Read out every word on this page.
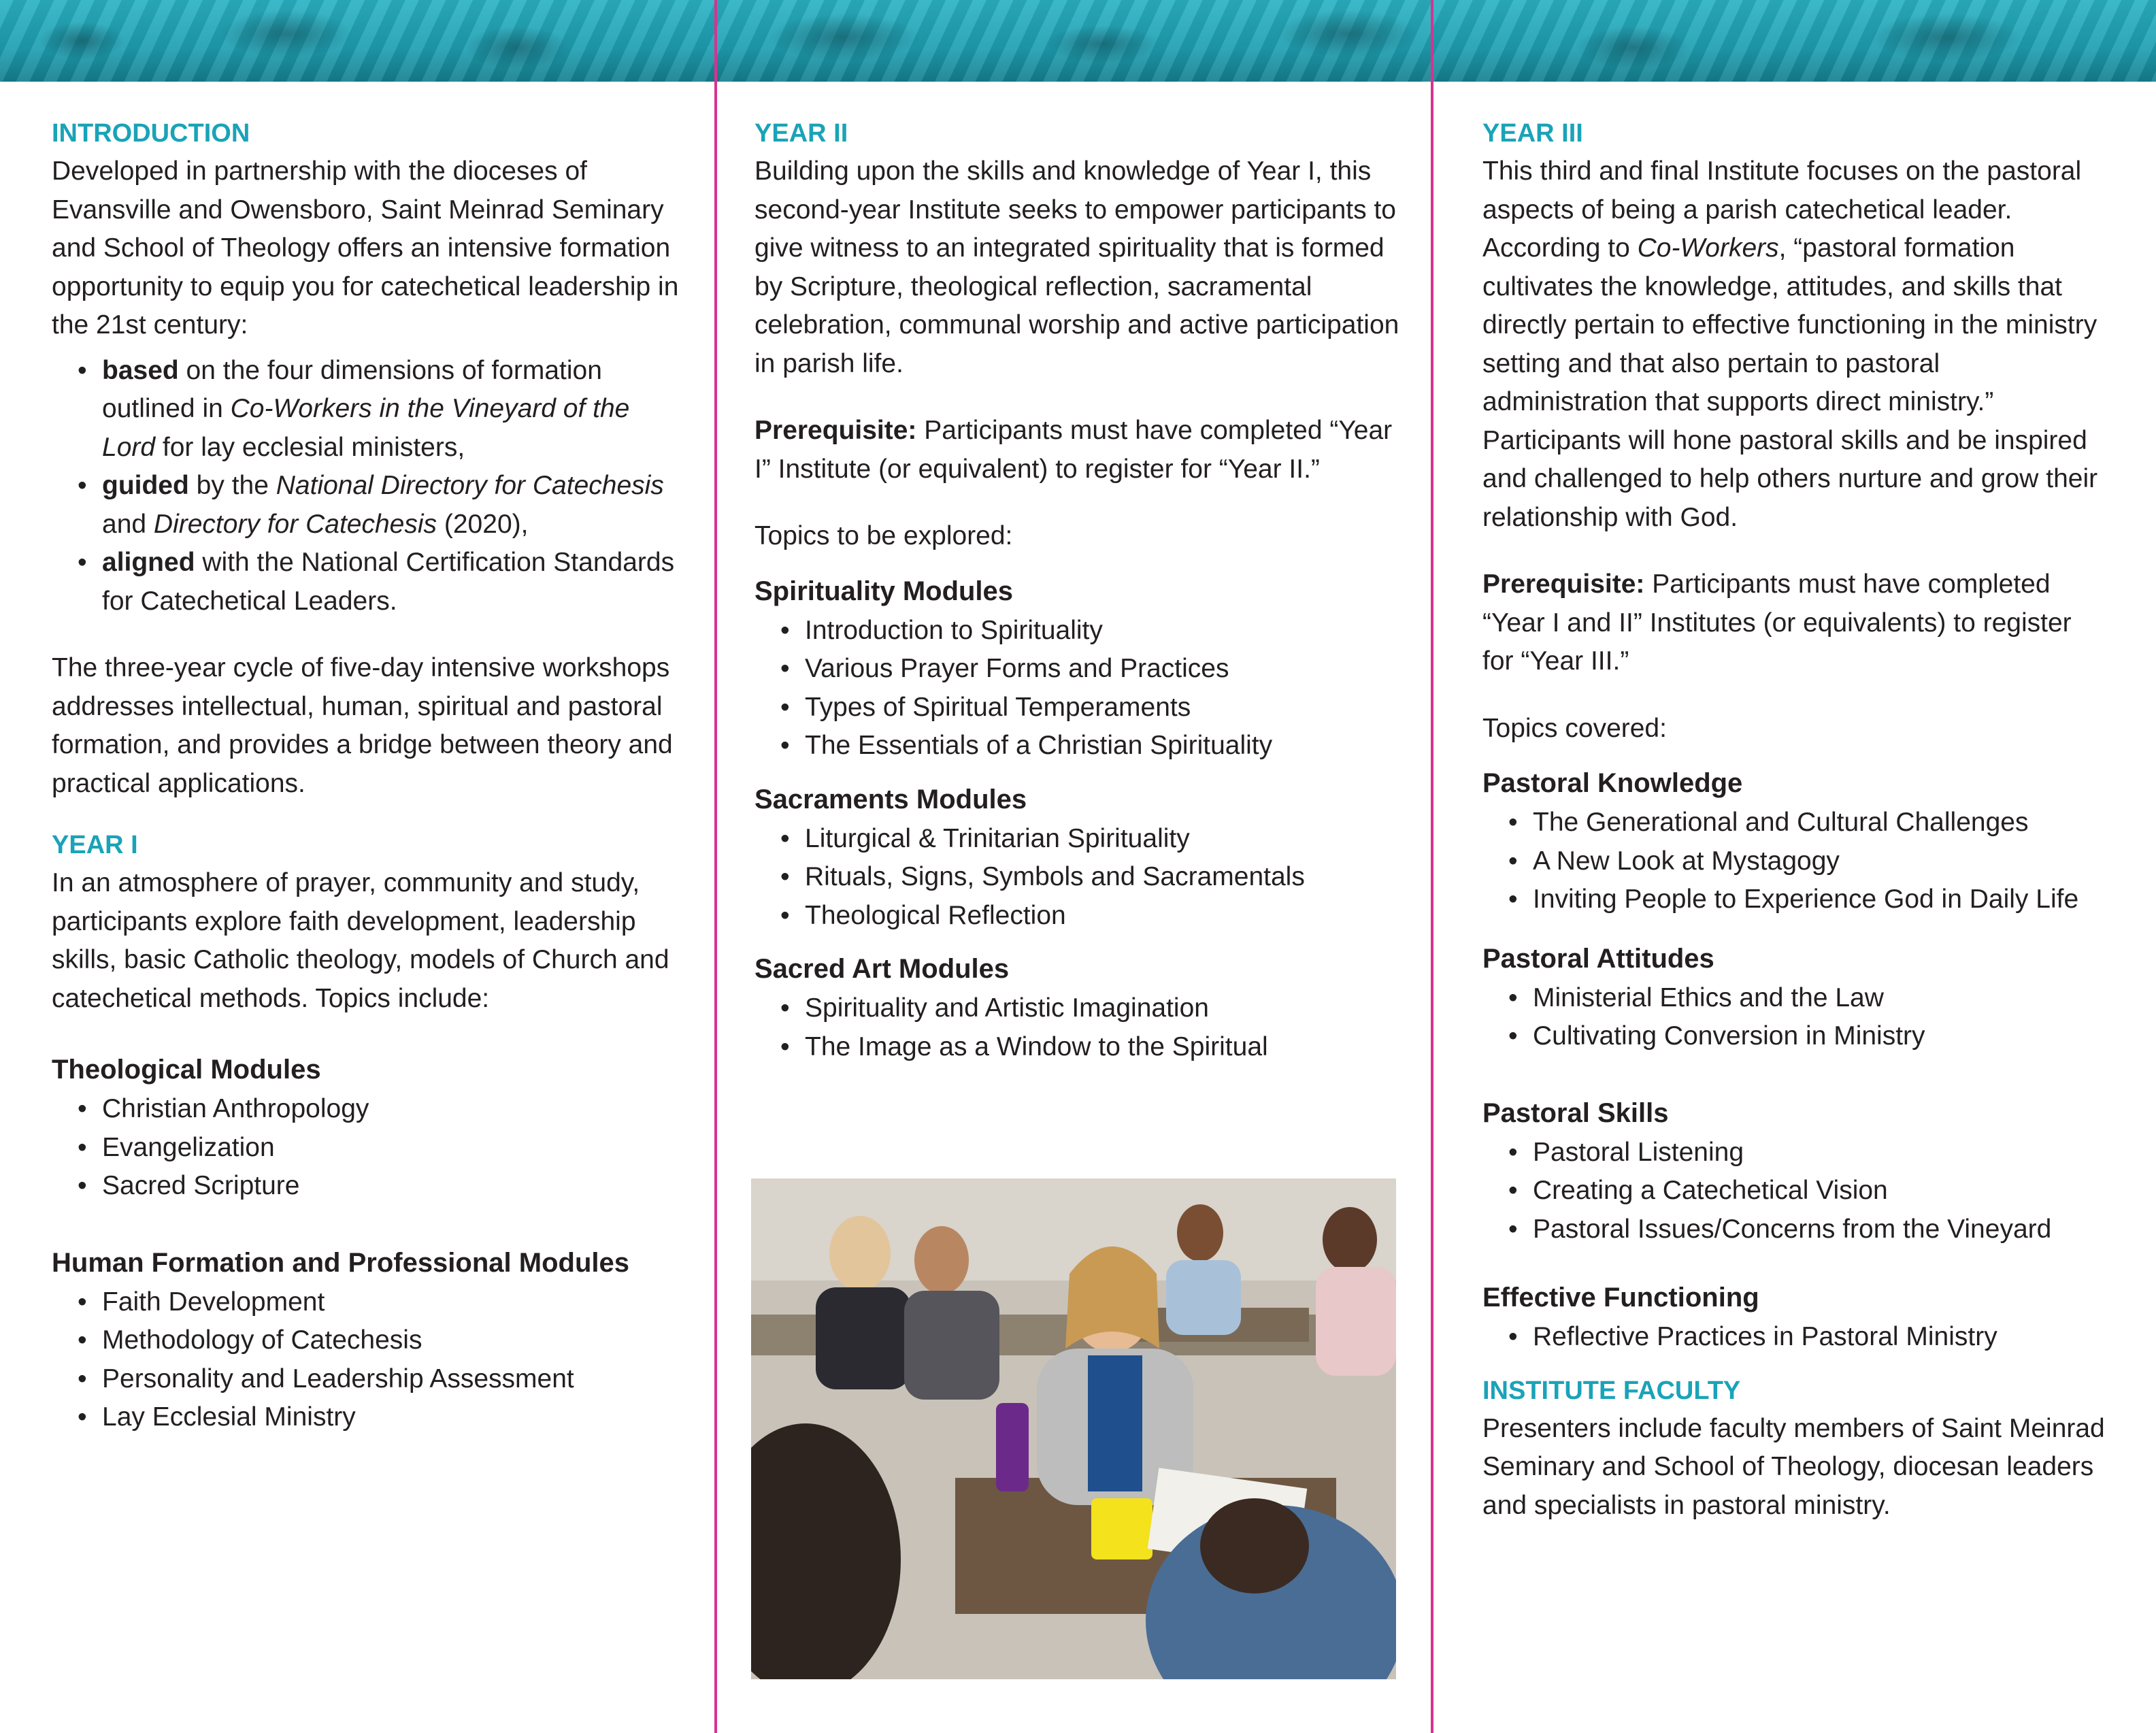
INTRODUCTION

Developed in partnership with the dioceses of Evansville and Owensboro, Saint Meinrad Seminary and School of Theology offers an intensive formation opportunity to equip you for catechetical leadership in the 21st century:

• based on the four dimensions of formation outlined in Co-Workers in the Vineyard of the Lord for lay ecclesial ministers,
• guided by the National Directory for Catechesis and Directory for Catechesis (2020),
• aligned with the National Certification Standards for Catechetical Leaders.

The three-year cycle of five-day intensive workshops addresses intellectual, human, spiritual and pastoral formation, and provides a bridge between theory and practical applications.

YEAR I

In an atmosphere of prayer, community and study, participants explore faith development, leadership skills, basic Catholic theology, models of Church and catechetical methods. Topics include:

Theological Modules
• Christian Anthropology
• Evangelization
• Sacred Scripture
Human Formation and Professional Modules
• Faith Development
• Methodology of Catechesis
• Personality and Leadership Assessment
• Lay Ecclesial Ministry
YEAR II

Building upon the skills and knowledge of Year I, this second-year Institute seeks to empower participants to give witness to an integrated spirituality that is formed by Scripture, theological reflection, sacramental celebration, communal worship and active participation in parish life.

Prerequisite: Participants must have completed “Year I” Institute (or equivalent) to register for “Year II.”

Topics to be explored:

Spirituality Modules
• Introduction to Spirituality
• Various Prayer Forms and Practices
• Types of Spiritual Temperaments
• The Essentials of a Christian Spirituality
Sacraments Modules
• Liturgical & Trinitarian Spirituality
• Rituals, Signs, Symbols and Sacramentals
• Theological Reflection
Sacred Art Modules
• Spirituality and Artistic Imagination
• The Image as a Window to the Spiritual
YEAR III

This third and final Institute focuses on the pastoral aspects of being a parish catechetical leader. According to Co-Workers, “pastoral formation cultivates the knowledge, attitudes, and skills that directly pertain to effective functioning in the ministry setting and that also pertain to pastoral administration that supports direct ministry.” Participants will hone pastoral skills and be inspired and challenged to help others nurture and grow their relationship with God.

Prerequisite: Participants must have completed “Year I and II” Institutes (or equivalents) to register for “Year III.”

Topics covered:

Pastoral Knowledge
• The Generational and Cultural Challenges
• A New Look at Mystagogy
• Inviting People to Experience God in Daily Life
Pastoral Attitudes
• Ministerial Ethics and the Law
• Cultivating Conversion in Ministry
Pastoral Skills
• Pastoral Listening
• Creating a Catechetical Vision
• Pastoral Issues/Concerns from the Vineyard
Effective Functioning
• Reflective Practices in Pastoral Ministry
INSTITUTE FACULTY

Presenters include faculty members of Saint Meinrad Seminary and School of Theology, diocesan leaders and specialists in pastoral ministry.
